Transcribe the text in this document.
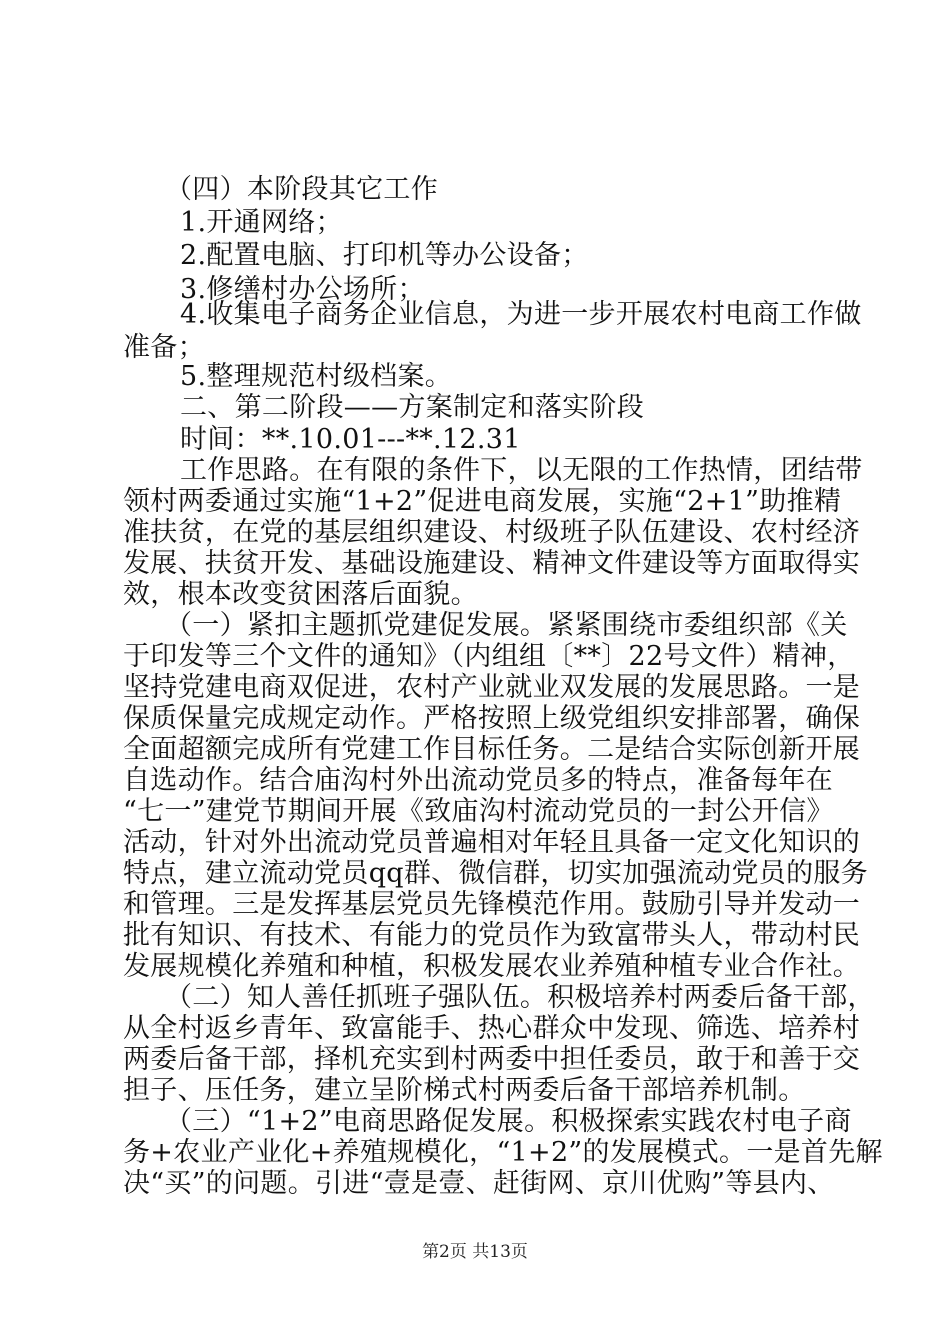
（四）本阶段其它工作
1.开通网络；
2.配置电脑、打印机等办公设备；
3.修缮村办公场所；
4.收集电子商务企业信息，为进一步开展农村电商工作做
准备；
5.整理规范村级档案。
二、第二阶段——方案制定和落实阶段
时间：**.10.01---**.12.31
工作思路。在有限的条件下，以无限的工作热情，团结带
领村两委通过实施“1+2”促进电商发展，实施“2+1”助推精
准扶贫，在党的基层组织建设、村级班子队伍建设、农村经济
发展、扶贫开发、基础设施建设、精神文件建设等方面取得实
效，根本改变贫困落后面貌。
（一）紧扣主题抓党建促发展。紧紧围绕市委组织部《关
于印发等三个文件的通知》（内组组〔**〕22号文件）精神，
坚持党建电商双促进，农村产业就业双发展的发展思路。一是
保质保量完成规定动作。严格按照上级党组织安排部署，确保
全面超额完成所有党建工作目标任务。二是结合实际创新开展
自选动作。结合庙沟村外出流动党员多的特点，准备每年在
“七一”建党节期间开展《致庙沟村流动党员的一封公开信》
活动，针对外出流动党员普遍相对年轻且具备一定文化知识的
特点，建立流动党员qq群、微信群，切实加强流动党员的服务
和管理。三是发挥基层党员先锋模范作用。鼓励引导并发动一
批有知识、有技术、有能力的党员作为致富带头人，带动村民
发展规模化养殖和种植，积极发展农业养殖种植专业合作社。
（二）知人善任抓班子强队伍。积极培养村两委后备干部，
从全村返乡青年、致富能手、热心群众中发现、筛选、培养村
两委后备干部，择机充实到村两委中担任委员，敢于和善于交
担子、压任务，建立呈阶梯式村两委后备干部培养机制。
（三）“1+2”电商思路促发展。积极探索实践农村电子商
务+农业产业化+养殖规模化，“1+2”的发展模式。一是首先解
决“买”的问题。引进“壹是壹、赶街网、京川优购”等县内、
第2页 共13页
